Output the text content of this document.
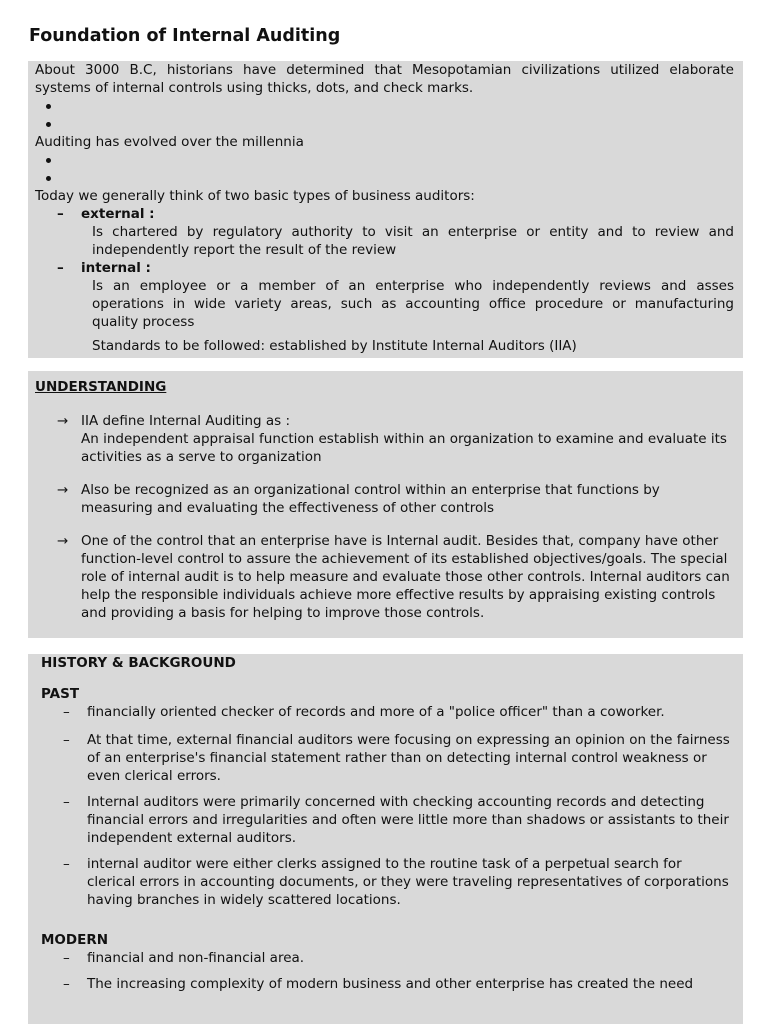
Foundation of Internal Auditing

About 3000 B.C, historians have determined that Mesopotamian civilizations utilized elaborate systems of internal controls using thicks, dots, and check marks.

Auditing has evolved over the millennia

Today we generally think of two basic types of business auditors:

– external :

Is chartered by regulatory authority to visit an enterprise or entity and to review and independently report the result of the review

– internal :

Is an employee or a member of an enterprise who independently reviews and asses operations in wide variety areas, such as accounting office procedure or manufacturing quality process

Standards to be followed: established by Institute Internal Auditors (IIA)

UNDERSTANDING

→ IIA define Internal Auditing as :

An independent appraisal function establish within an organization to examine and evaluate its activities as a serve to organization

→ Also be recognized as an organizational control within an enterprise that functions by measuring and evaluating the effectiveness of other controls

→ One of the control that an enterprise have is Internal audit. Besides that, company have other function-level control to assure the achievement of its established objectives/goals. The special role of internal audit is to help measure and evaluate those other controls. Internal auditors can help the responsible individuals achieve more effective results by appraising existing controls and providing a basis for helping to improve those controls.

HISTORY & BACKGROUND

PAST

– financially oriented checker of records and more of a "police officer" than a coworker.

– At that time, external financial auditors were focusing on expressing an opinion on the fairness of an enterprise's financial statement rather than on detecting internal control weakness or even clerical errors.

– Internal auditors were primarily concerned with checking accounting records and detecting financial errors and irregularities and often were little more than shadows or assistants to their independent external auditors.

– internal auditor were either clerks assigned to the routine task of a perpetual search for clerical errors in accounting documents, or they were traveling representatives of corporations having branches in widely scattered locations.

MODERN

– financial and non-financial area.

– The increasing complexity of modern business and other enterprise has created the need
